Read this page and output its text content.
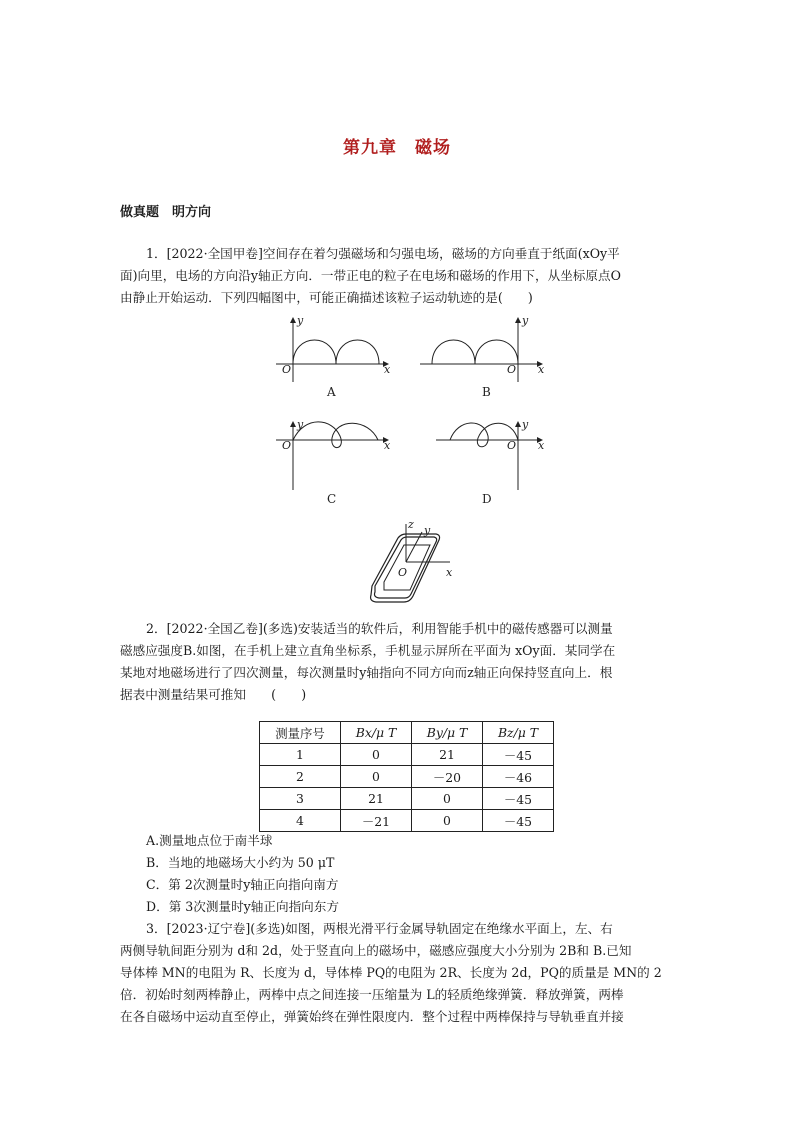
第九章　磁场
做真题　明方向
1．[2022·全国甲卷]空间存在着匀强磁场和匀强电场，磁场的方向垂直于纸面(xOy平
面)向里，电场的方向沿y轴正方向．一带正电的粒子在电场和磁场的作用下，从坐标原点O
由静止开始运动．下列四幅图中，可能正确描述该粒子运动轨迹的是(　　)
y
x
O
A
y
x
O
B
y
x
O
C
y
x
O
D
z y
x
O
2．[2022·全国乙卷](多选)安装适当的软件后，利用智能手机中的磁传感器可以测量
磁感应强度B.如图，在手机上建立直角坐标系，手机显示屏所在平面为 xOy面．某同学在
某地对地磁场进行了四次测量，每次测量时y轴指向不同方向而z轴正向保持竖直向上．根
据表中测量结果可推知　　(　　)
测量序号	Bx/μ T	By/μ T	Bz/μ T
1	0	21	－45
2	0	－20	－46
3	21	0	－45
4	－21	0	－45
A.测量地点位于南半球
B．当地的地磁场大小约为 50 μT
C．第 2次测量时y轴正向指向南方
D．第 3次测量时y轴正向指向东方
3．[2023·辽宁卷](多选)如图，两根光滑平行金属导轨固定在绝缘水平面上，左、右
两侧导轨间距分别为 d和 2d，处于竖直向上的磁场中，磁感应强度大小分别为 2B和 B.已知
导体棒 MN的电阻为 R、长度为 d，导体棒 PQ的电阻为 2R、长度为 2d，PQ的质量是 MN的 2
倍．初始时刻两棒静止，两棒中点之间连接一压缩量为 L的轻质绝缘弹簧．释放弹簧，两棒
在各自磁场中运动直至停止，弹簧始终在弹性限度内．整个过程中两棒保持与导轨垂直并接
